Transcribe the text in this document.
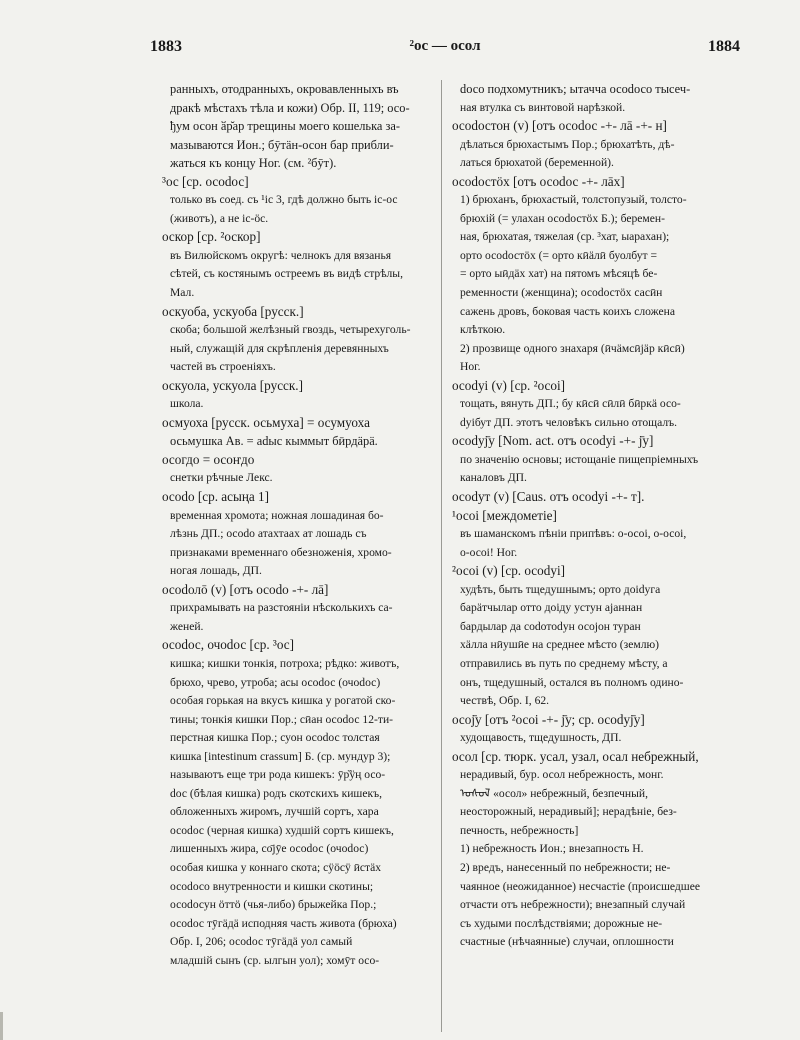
1883	²ос — осол	1884
ранныхъ, отодранныхъ, окровавленныхъ въ
дракѣ мѣстахъ тѣла и кожи) Обр. II, 119; осо-
ђум осон ӑр̆ар трещины моего кошелька за-
мазываются Ион.; бӯтӓн-осон бар прибли-
жаться къ концу Ног. (см. ²бӯт).
³ос [ср. осоԁос]
только въ соед. съ ¹іс 3, гдѣ должно быть іс-ос
(животъ), а не іс-ӧс.
оскор [ср. ²оскор]
въ Вилюйскомъ округѣ: челнокъ для вязанья
сѣтей, съ костянымъ остреемъ въ видѣ стрѣлы,
Мал.
оскуоба, ускуоба [русск.]
скоба; большой желѣзный гвоздь, четырехуголь-
ный, служащій для скрѣпленія деревянныхъ
частей въ строеніяхъ.
оскуола, ускуола [русск.]
школа.
осмуоха [русск. осьмуха] = осумуоха
осьмушка Ав. = аԁыс кыммыт бӣрдӓрӓ.
осогдо = осоҥдо
снетки рѣчные Лекс.
осоԁо [ср. асыңа 1]
временная хромота; ножная лошадиная бо-
лѣзнь ДП.; осоԁо атахтаах ат лошадь съ
признаками временнаго обезноженія, хромо-
ногая лошадь, ДП.
осоԁолō (v) [отъ осоԁо -+- лā]
прихрамывать на разстояніи нѣсколькихъ са-
женей.
осоԁос, очоԁос [ср. ³ос]
кишка; кишки тонкія, потроха; рѣдко: животъ,
брюхо, чрево, утроба; асы осоԁос (очоԁос)
особая горькая на вкусъ кишка у рогатой ско-
тины; тонкія кишки Пор.; сӣан осоԁос 12-ти-
перстная кишка Пор.; суон осоԁос толстая
кишка [intestinum crassum] Б. (ср. мундур 3);
называютъ еще три рода кишекъ: ӯр̆ӱң осо-
ԁос (бѣлая кишка) родъ скотскихъ кишекъ,
обложенныхъ жиромъ, лучшій сортъ, хара
осоԁос (черная кишка) худшій сортъ кишекъ,
лишенныхъ жира, со̄јӯе осоԁос (очоԁос)
особая кишка у коннаго скота; сӱӧсӱ ӣстӓх
осоԁосо внутренности и кишки скотины;
осоԁосун ӧттӧ (чья-либо) брыжейка Пор.;
осоԁос тӯгӓдӓ исподняя часть живота (брюха)
Обр. I, 206; осоԁос тӯгӓдӓ уол самый
младшій сынъ (ср. ылгын уол); хомӯт осо-
ԁосо подхомутникъ; ытачча осоԁосо тысеч-
ная втулка съ винтовой нарѣзкой.
осоԁостон (v) [отъ осоԁос -+- лā -+- н]
дѣлаться брюхастымъ Пор.; брюхатѣть, дѣ-
латься брюхатой (беременной).
осоԁостӧх [отъ осоԁос -+- лāх]
1) брюханъ, брюхастый, толстопузый, толсто-
брюхій (= улахан осоԁостӧх Б.); беремен-
ная, брюхатая, тяжелая (ср. ³хат, ыарахан);
орто осоԁостӧх (= орто кӣӓлӣ буолбут =
= орто ыӣдӓх хат) на пятомъ мѣсяцѣ бе-
ременности (женщина); осоԁостӧх сасӣн
сажень дровъ, боковая часть коихъ сложена
клѣткою.
2) прозвище одного знахаря (ӣчӓмсӣјӓр кӣсӣ)
Ног.
осоԁуі (v) [ср. ²осоі]
тощать, вянуть ДП.; бу кӣсӣ сӣлӣ бӣркӓ осо-
ԁуібут ДП. этотъ человѣкъ сильно отощалъ.
осоԁуј̄у [Nom. act. отъ осоԁуі -+- ј̄у]
по значенію основы; истощаніе пищепріемныхъ
каналовъ ДП.
осоԁут (v) [Caus. отъ осоԁуі -+- т].
¹осоі [междометіе]
въ шаманскомъ пѣніи припѣвъ: о-осоі, о-осоі,
о-осоі! Ног.
²осоі (v) [ср. осоԁуі]
худѣть, быть тщедушнымъ; орто доіԁуга
барӓтчылар отто доіду устун ајаннан
бардылар да соԁотоԁун осојон туран
хӓлла нӣушӣе на среднее мѣсто (землю)
отправились въ путь по среднему мѣсту, а
онъ, тщедушный, остался въ полномъ одино-
чествѣ, Обр. I, 62.
осој̄у [отъ ²осоі -+- ј̄у; ср. осоԁуј̄у]
худощавость, тщедушность, ДП.
осол [ср. тюрк. усал, узал, осал небрежный,
нерадивый, бур. осол небрежность, монг.
ᠣᠰᠣᠯ «осол» небрежный, безпечный,
неосторожный, нерадивый]; нерадѣніе, без-
печность, небрежность]
1) небрежность Ион.; внезапность Н.
2) вредъ, нанесенный по небрежности; не-
чаянное (неожиданное) несчастіе (происшедшее
отчасти отъ небрежности); внезапный случай
съ худыми послѣдствіями; дорожные не-
счастные (нѣчаянные) случаи, оплошности
